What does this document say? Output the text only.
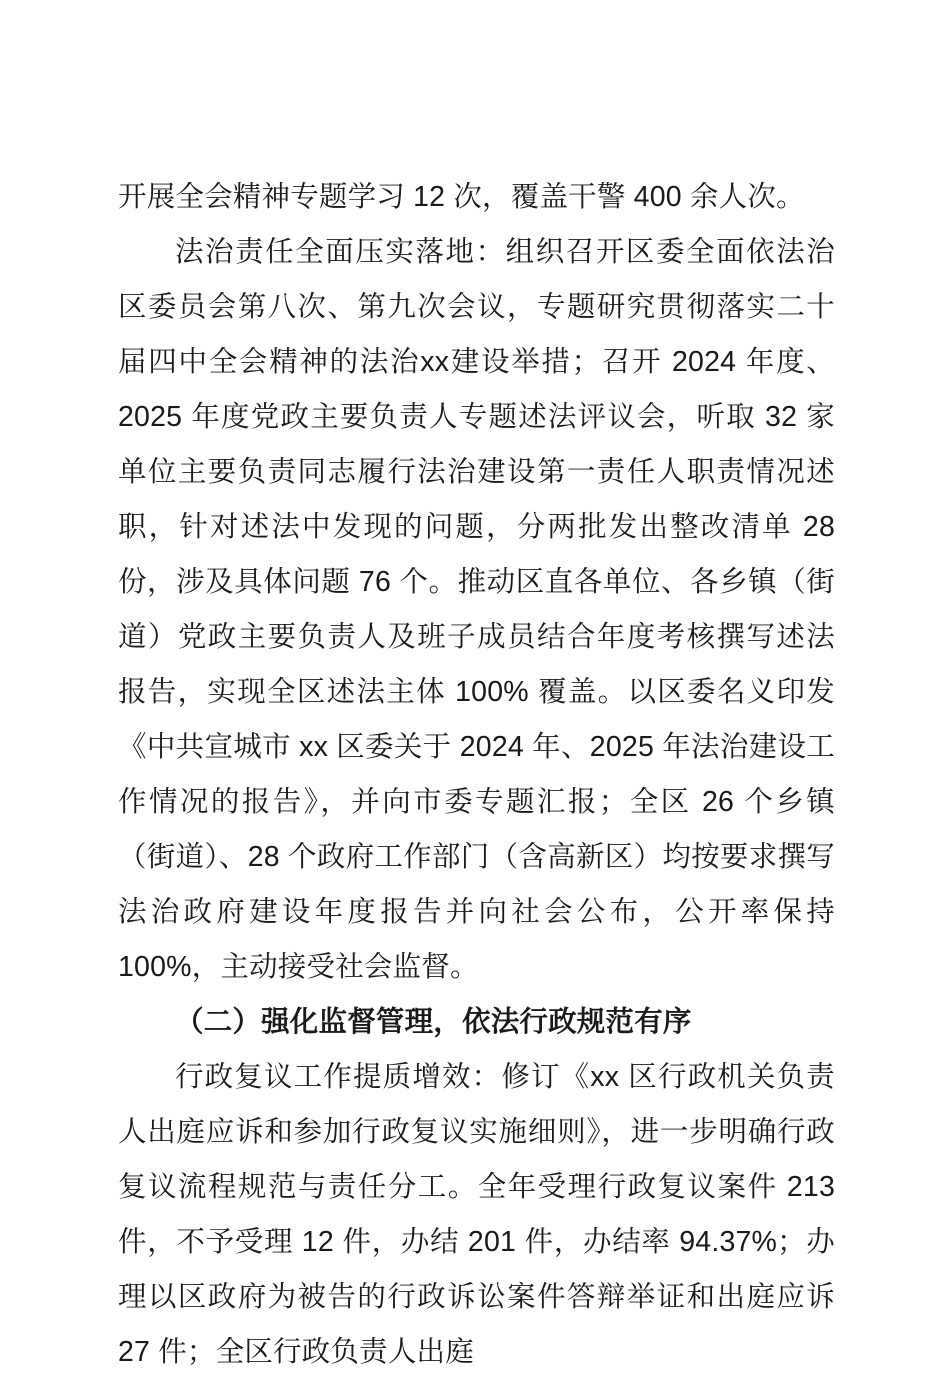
开展全会精神专题学习 12 次，覆盖干警 400 余人次。

法治责任全面压实落地：组织召开区委全面依法治区委员会第八次、第九次会议，专题研究贯彻落实二十届四中全会精神的法治xx建设举措；召开 2024 年度、2025 年度党政主要负责人专题述法评议会，听取 32 家单位主要负责同志履行法治建设第一责任人职责情况述职，针对述法中发现的问题，分两批发出整改清单 28 份，涉及具体问题 76 个。推动区直各单位、各乡镇（街道）党政主要负责人及班子成员结合年度考核撰写述法报告，实现全区述法主体 100% 覆盖。以区委名义印发《中共宣城市 xx 区委关于 2024 年、2025 年法治建设工作情况的报告》，并向市委专题汇报；全区 26 个乡镇（街道）、28 个政府工作部门（含高新区）均按要求撰写法治政府建设年度报告并向社会公布，公开率保持 100%，主动接受社会监督。

（二）强化监督管理，依法行政规范有序

行政复议工作提质增效：修订《xx 区行政机关负责人出庭应诉和参加行政复议实施细则》，进一步明确行政复议流程规范与责任分工。全年受理行政复议案件 213 件，不予受理 12 件，办结 201 件，办结率 94.37%；办理以区政府为被告的行政诉讼案件答辩举证和出庭应诉 27 件；全区行政负责人出庭
